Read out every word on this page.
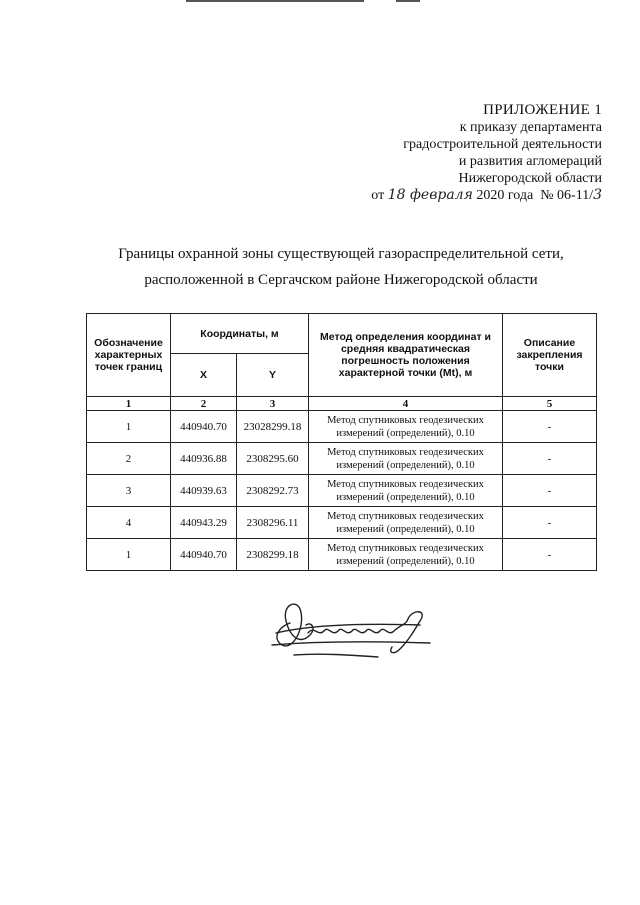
ПРИЛОЖЕНИЕ 1
к приказу департамента
градостроительной деятельности
и развития агломераций
Нижегородской области
от 18 февраля 2020 года № 06-11/3
Границы охранной зоны существующей газораспределительной сети,
расположенной в Сергачском районе Нижегородской области
Обозначение характерных точек границ	Координаты, м		Метод определения координат и средняя квадратическая погрешность положения характерной точки (Mt), м	Описание закрепления точки
	X	Y		
1	2	3	4	5
1	440940.70	23028299.18	Метод спутниковых геодезических измерений (определений), 0.10	-
2	440936.88	2308295.60	Метод спутниковых геодезических измерений (определений), 0.10	-
3	440939.63	2308292.73	Метод спутниковых геодезических измерений (определений), 0.10	-
4	440943.29	2308296.11	Метод спутниковых геодезических измерений (определений), 0.10	-
1	440940.70	2308299.18	Метод спутниковых геодезических измерений (определений), 0.10	-
